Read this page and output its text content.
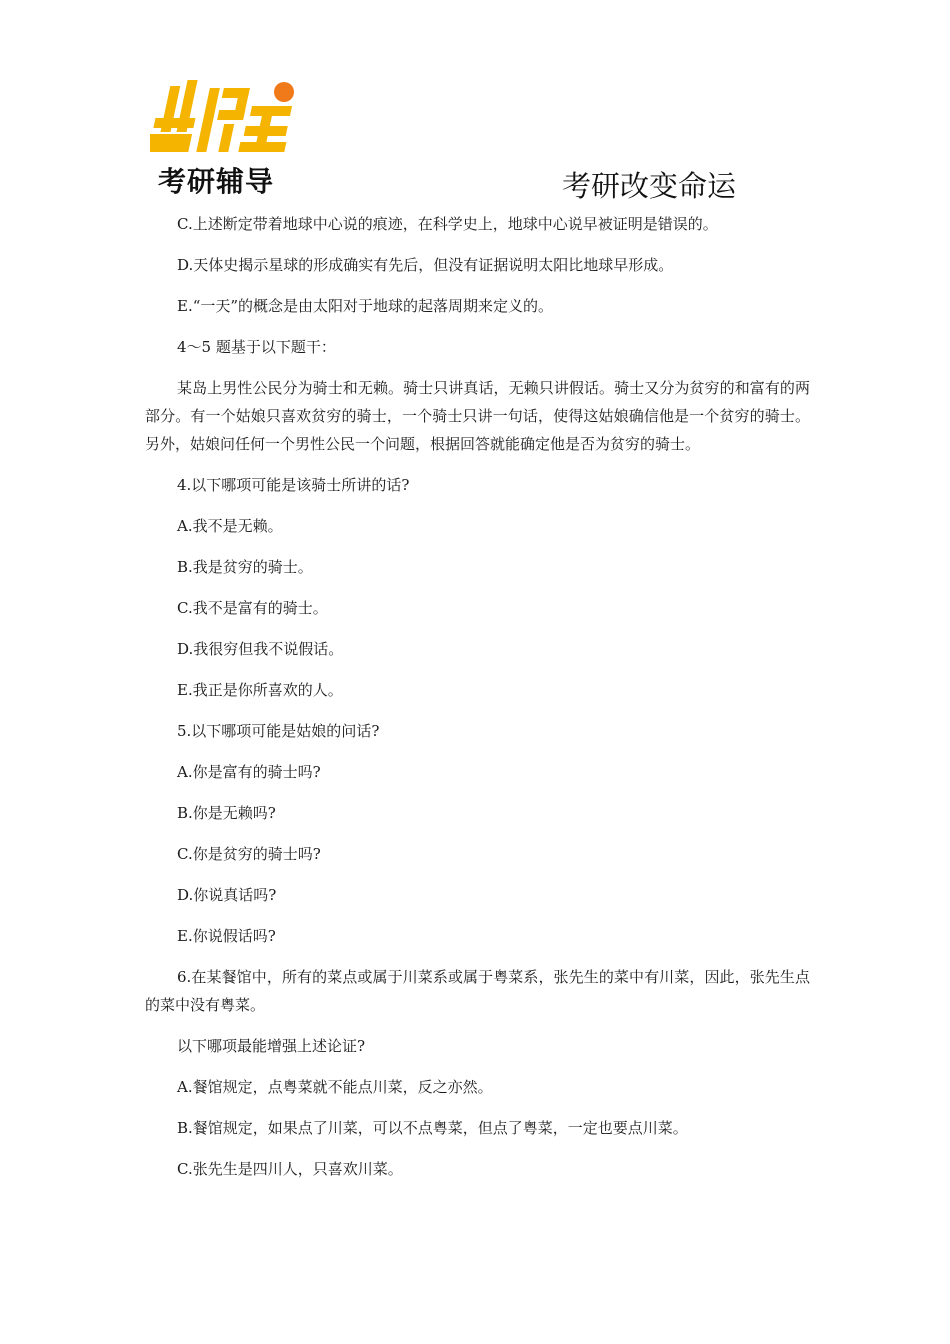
考研辅导	考研改变命运

C.上述断定带着地球中心说的痕迹，在科学史上，地球中心说早被证明是错误的。

D.天体史揭示星球的形成确实有先后，但没有证据说明太阳比地球早形成。

E.“一天”的概念是由太阳对于地球的起落周期来定义的。

4～5 题基于以下题干：

某岛上男性公民分为骑士和无赖。骑士只讲真话，无赖只讲假话。骑士又分为贫穷的和富有的两部分。有一个姑娘只喜欢贫穷的骑士，一个骑士只讲一句话，使得这姑娘确信他是一个贫穷的骑士。另外，姑娘问任何一个男性公民一个问题，根据回答就能确定他是否为贫穷的骑士。

4.以下哪项可能是该骑士所讲的话?

A.我不是无赖。

B.我是贫穷的骑士。

C.我不是富有的骑士。

D.我很穷但我不说假话。

E.我正是你所喜欢的人。

5.以下哪项可能是姑娘的问话?

A.你是富有的骑士吗?

B.你是无赖吗?

C.你是贫穷的骑士吗?

D.你说真话吗?

E.你说假话吗?

6.在某餐馆中，所有的菜点或属于川菜系或属于粤菜系，张先生的菜中有川菜，因此，张先生点的菜中没有粤菜。

以下哪项最能增强上述论证?

A.餐馆规定，点粤菜就不能点川菜，反之亦然。

B.餐馆规定，如果点了川菜，可以不点粤菜，但点了粤菜，一定也要点川菜。

C.张先生是四川人，只喜欢川菜。
